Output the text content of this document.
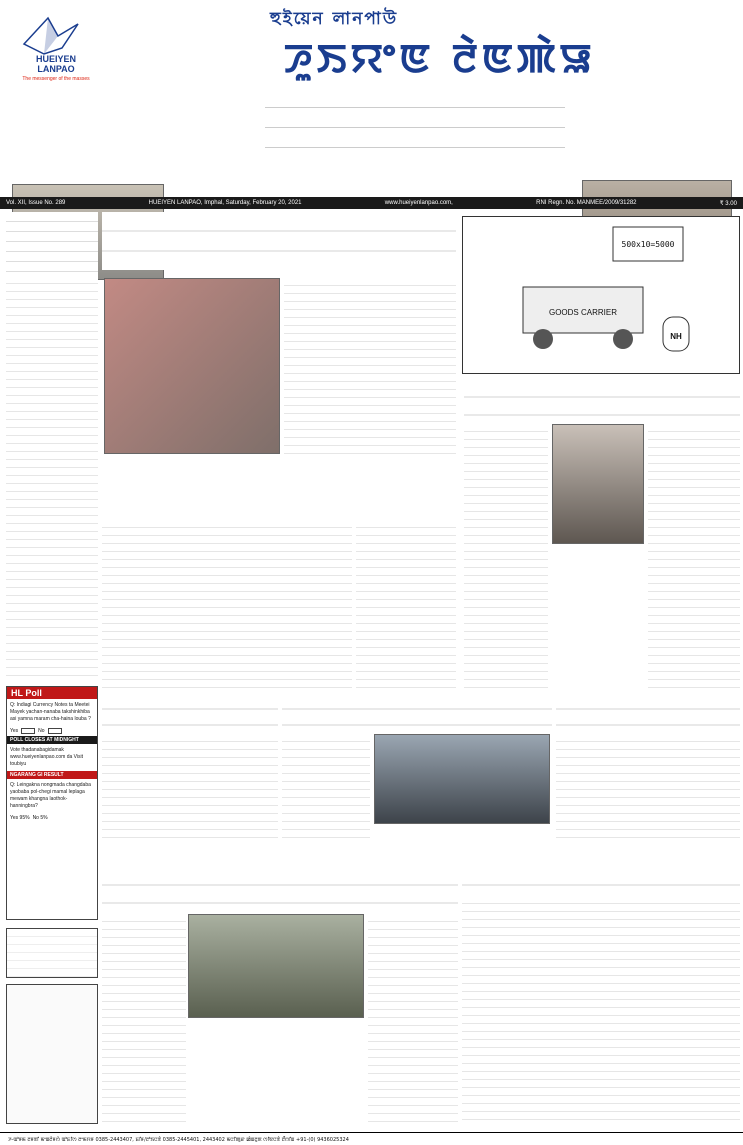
HUEIYEN
LANPAO
The messenger of the masses
হুইয়েন লানপাউ
ꯍꯨꯏꯌꯦꯟ ꯂꯥꯟꯄꯥꯎ
Vol. XII, Issue No. 289	HUEIYEN LANPAO, Imphal, Saturday, February 20, 2021	www.hueiyenlanpao.com,	RNI Regn. No. MANMEE/2009/31282	₹ 3.00
500x10=5000
GOODS CARRIER
NH
HL Poll
Q: Indiagi Currency Notes ta Meetei Mayek yachan-nanaba takshinkhiba asi yamna maram cha-haina louba ?
Yes	No
POLL CLOSES AT MIDNIGHT
Vote thadanabagidamak www.hueiyenlanpao.com da Visit toubiyu
NGARANG GI RESULT
Q: Leingakna nongmada changdaba yaobaba pol-chegi mamal leplaga mewam khangna laothok-hanningbra?
Yes 95% No 5%
ꯍ-ꯑꯣꯝꯃ ꯂꯝꯕꯤ ꯃꯦꯡꯂꯥꯝꯁꯥ ꯑꯣꯐꯤꯁ ꯂꯦꯃꯌꯝ 0385-2443407, ꯐꯤꯝ/ꯂꯣꯏꯅꯕꯥ 0385-2445401, 2443402 ꯃꯅꯤꯄꯨꯔ ꯀꯥꯡꯂꯨꯞ ꯁꯤꯟꯅꯕꯥ ꯂꯩꯁꯤꯡ +91-(0) 9436025324
